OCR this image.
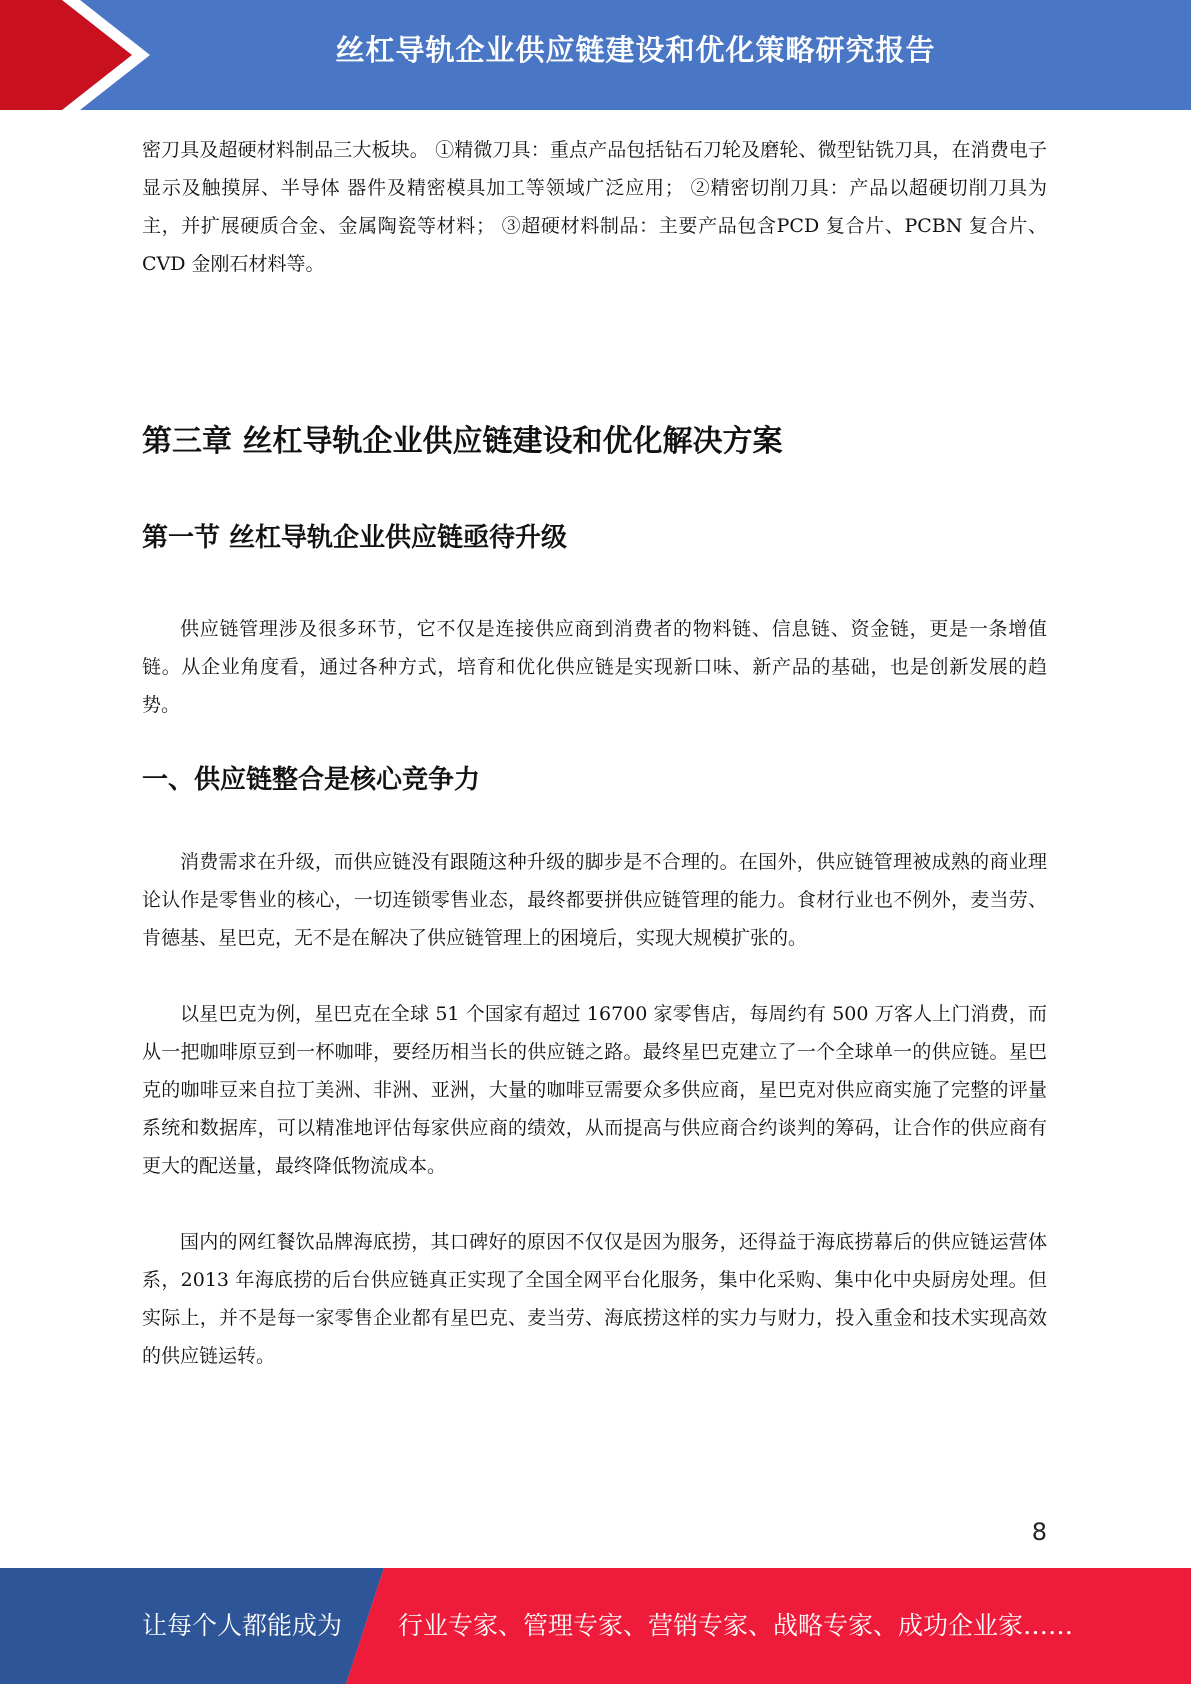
丝杠导轨企业供应链建设和优化策略研究报告

密刀具及超硬材料制品三大板块。 ①精微刀具：重点产品包括钻石刀轮及磨轮、微型钻铣刀具，在消费电子 显示及触摸屏、半导体 器件及精密模具加工等领域广泛应用； ②精密切削刀具：产品以超硬切削刀具为主，并扩展硬质合金、金属陶瓷等材料； ③超硬材料制品：主要产品包含PCD 复合片、PCBN 复合片、CVD 金刚石材料等。

第三章 丝杠导轨企业供应链建设和优化解决方案
第一节 丝杠导轨企业供应链亟待升级

供应链管理涉及很多环节，它不仅是连接供应商到消费者的物料链、信息链、资金链，更是一条增值链。从企业角度看，通过各种方式，培育和优化供应链是实现新口味、新产品的基础，也是创新发展的趋势。

一、供应链整合是核心竞争力

消费需求在升级，而供应链没有跟随这种升级的脚步是不合理的。在国外，供应链管理被成熟的商业理论认作是零售业的核心，一切连锁零售业态，最终都要拼供应链管理的能力。食材行业也不例外，麦当劳、肯德基、星巴克，无不是在解决了供应链管理上的困境后，实现大规模扩张的。

以星巴克为例，星巴克在全球 51 个国家有超过 16700 家零售店，每周约有 500 万客人上门消费，而从一把咖啡原豆到一杯咖啡，要经历相当长的供应链之路。最终星巴克建立了一个全球单一的供应链。星巴克的咖啡豆来自拉丁美洲、非洲、亚洲，大量的咖啡豆需要众多供应商，星巴克对供应商实施了完整的评量系统和数据库，可以精准地评估每家供应商的绩效，从而提高与供应商合约谈判的筹码，让合作的供应商有更大的配送量，最终降低物流成本。

国内的网红餐饮品牌海底捞，其口碑好的原因不仅仅是因为服务，还得益于海底捞幕后的供应链运营体系，2013 年海底捞的后台供应链真正实现了全国全网平台化服务，集中化采购、集中化中央厨房处理。但实际上，并不是每一家零售企业都有星巴克、麦当劳、海底捞这样的实力与财力，投入重金和技术实现高效的供应链运转。

8
让每个人都能成为 行业专家、管理专家、营销专家、战略专家、成功企业家……
